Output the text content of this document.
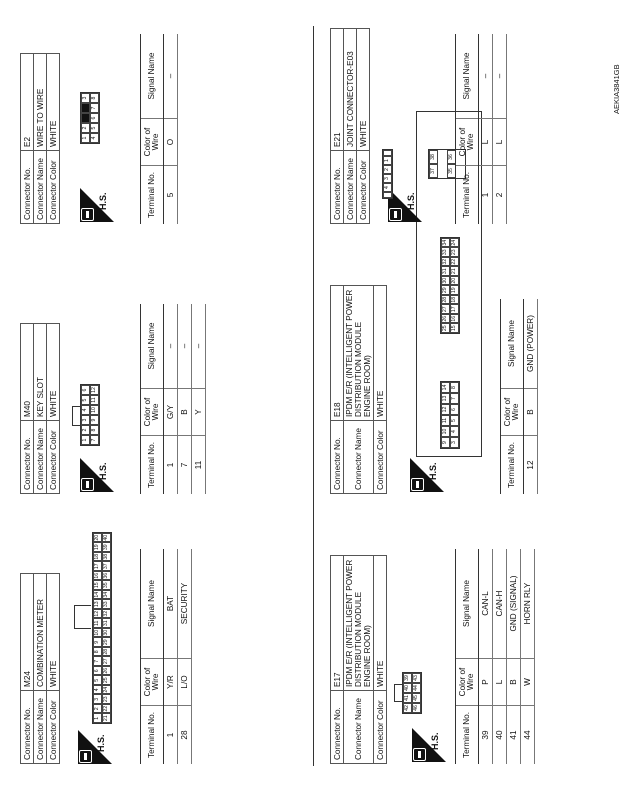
Connector No.	M24
Connector Name	COMBINATION METER
Connector Color	WHITE
H.S.
1
2
3
4
5
6
7
8
9
10
11
12
13
14
15
16
17
18
19
20
21
22
23
24
25
26
27
28
29
30
31
32
33
34
35
36
37
38
39
40
Terminal No.	Color of Wire	Signal Name
1	Y/R	BAT
28	L/O	SECURITY
Connector No.	M40
Connector Name	KEY SLOT
Connector Color	WHITE
H.S.
1
2
3
4
5
6
7
8
9
10
11
12
Terminal No.	Color of Wire	Signal Name
1	G/Y	–
7	B	–
11	Y	–
Connector No.	E2
Connector Name	WIRE TO WIRE
Connector Color	WHITE
H.S.
1
2
3
4
5
6
7
8
Terminal No.	Color of Wire	Signal Name
5	O	–
Connector No.	E17
Connector Name	IPDM E/R (INTELLIGENT POWER DISTRIBUTION MODULE ENGINE ROOM)
Connector Color	WHITE
H.S.
42
41
40
39
46
45
44
43
Terminal No.	Color of Wire	Signal Name
39	P	CAN-L
40	L	CAN-H
41	B	GND (SIGNAL)
44	W	HORN RLY
Connector No.	E18
Connector Name	IPDM E/R (INTELLIGENT POWER DISTRIBUTION MODULE ENGINE ROOM)
Connector Color	WHITE
H.S.
9
10
11
12
13
14
3
4
5
6
7
8
25
26
27
28
29
30
31
32
33
34
15
16
17
18
19
20
21
22
23
24
37
38
35
36
Terminal No.	Color of Wire	Signal Name
12	B	GND (POWER)
Connector No.	E21
Connector Name	JOINT CONNECTOR-E03
Connector Color	WHITE
H.S.
4
3
2
1
Terminal No.	Color of Wire	Signal Name
1	L	–
2	L	–	AEKIA3841GB
